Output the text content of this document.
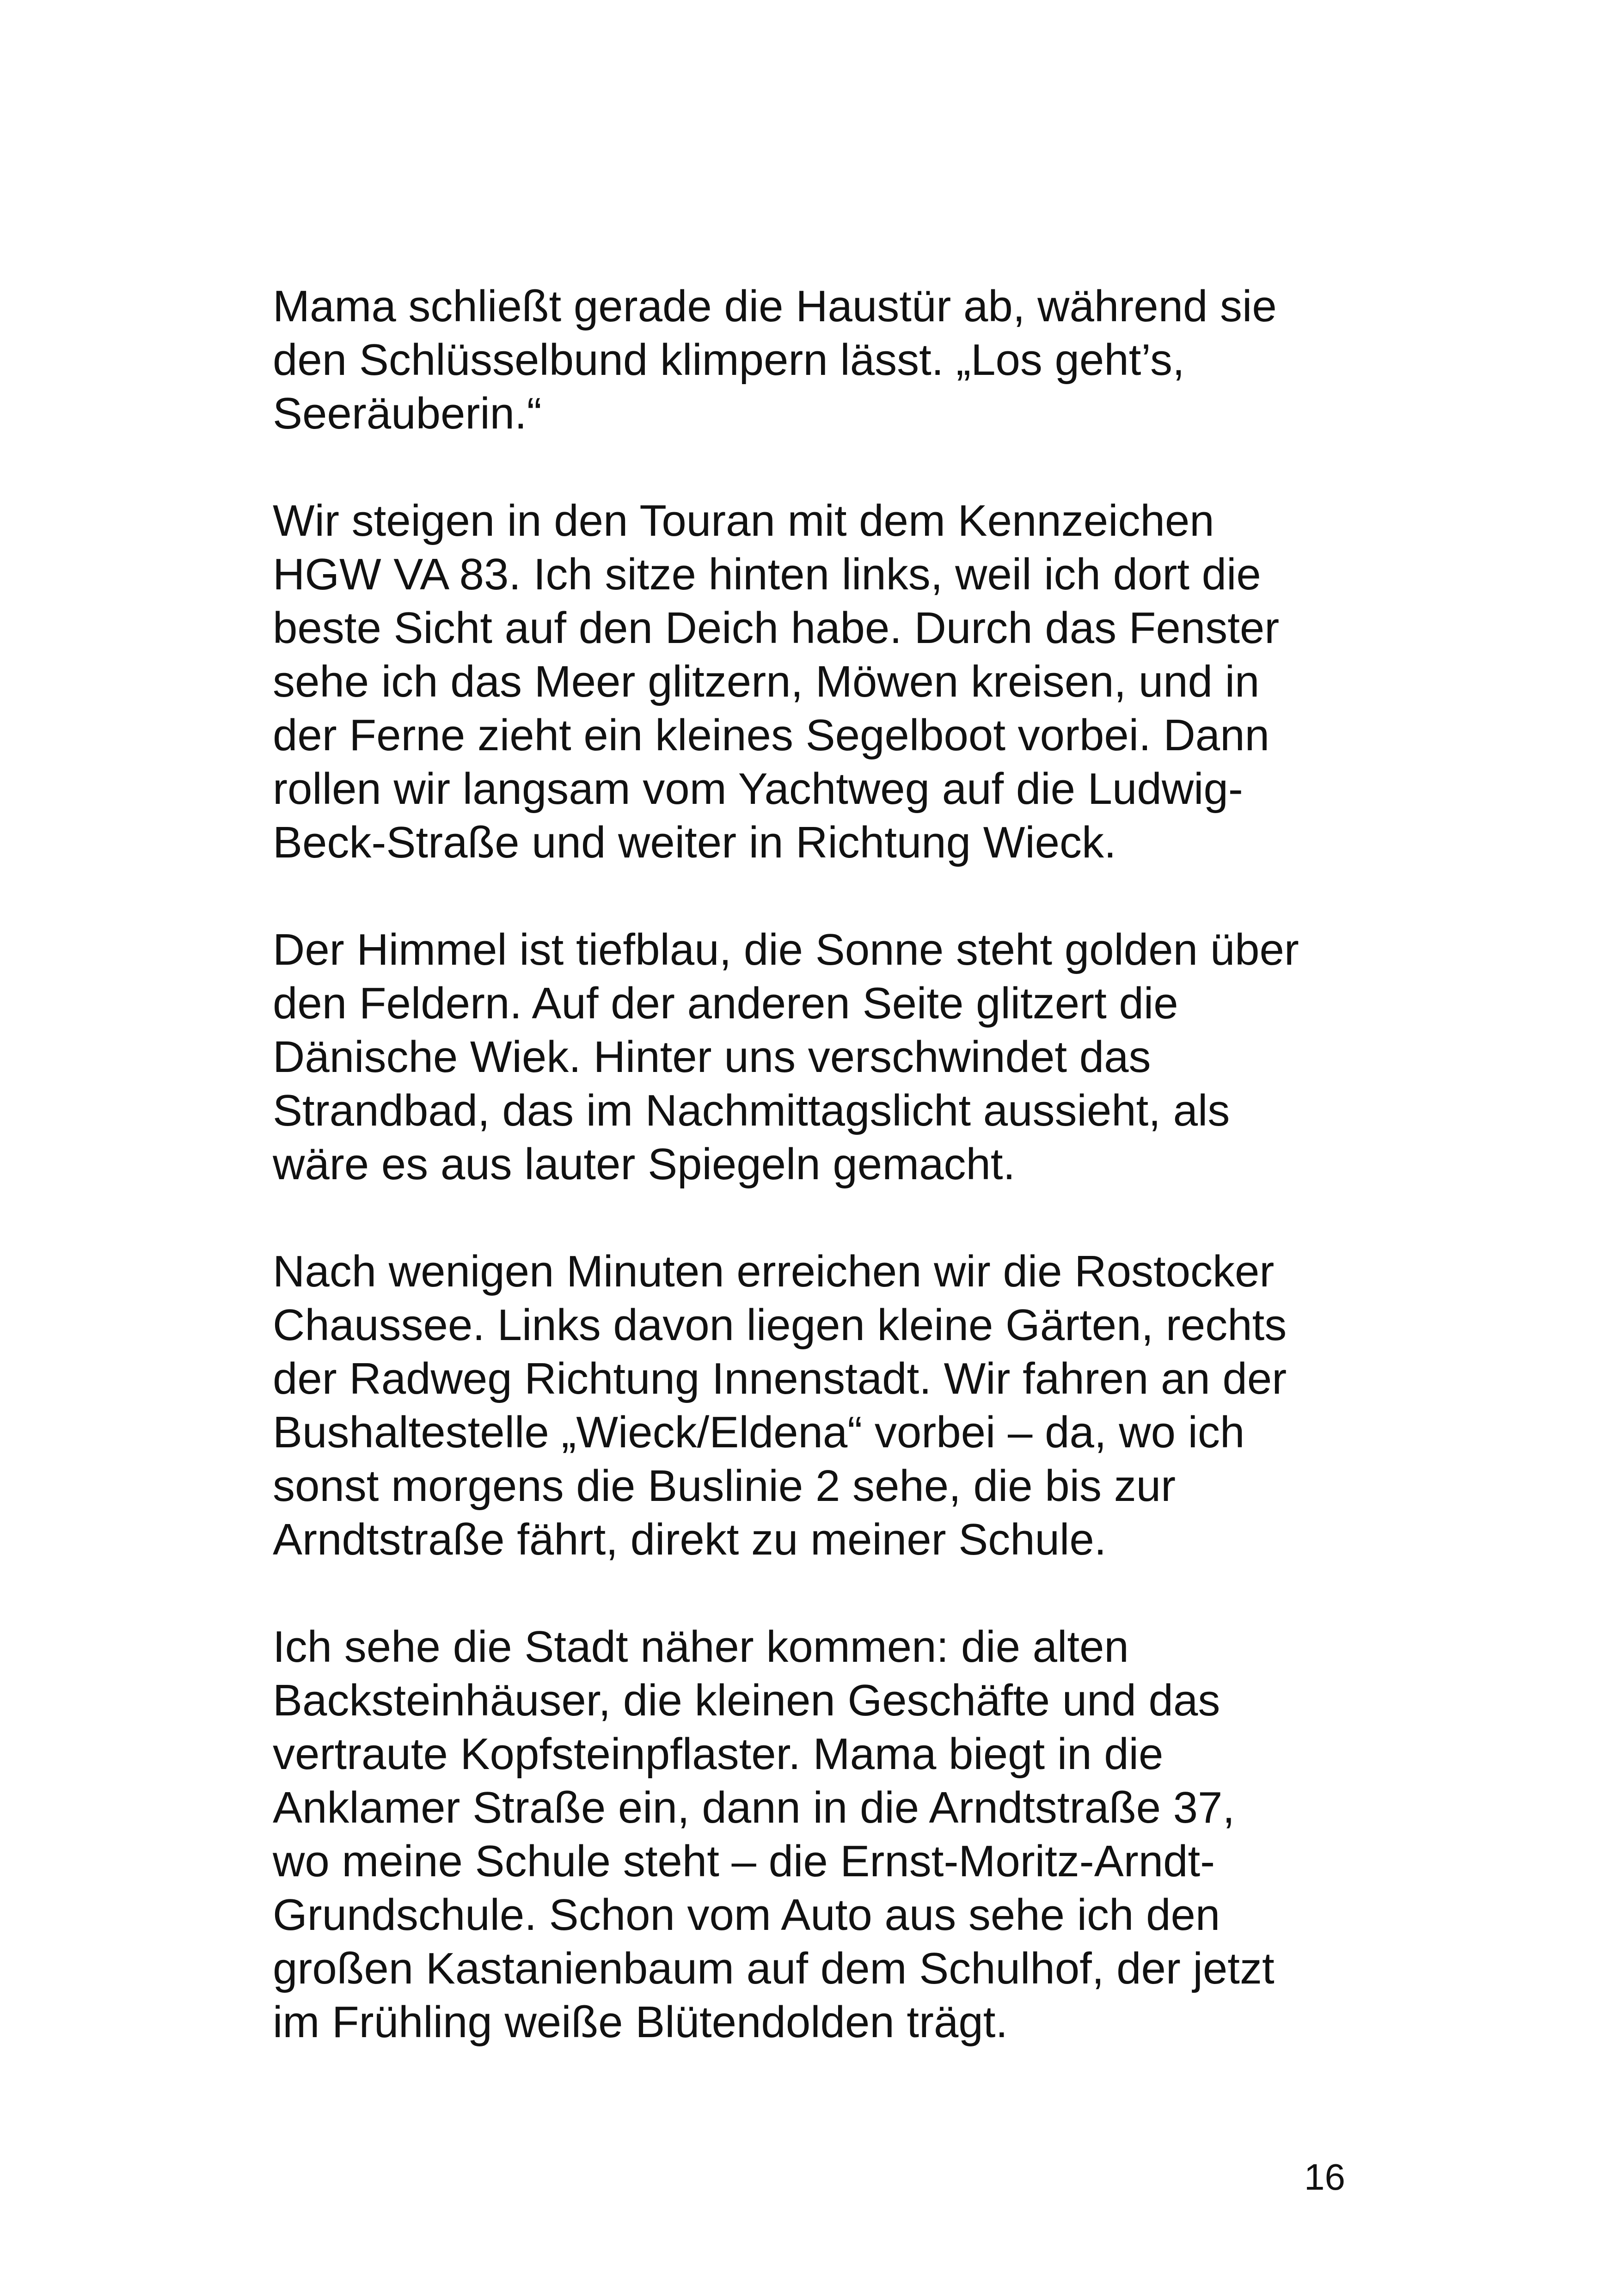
Mama schließt gerade die Haustür ab, während sie
den Schlüsselbund klimpern lässt. „Los geht’s,
Seeräuberin.“

Wir steigen in den Touran mit dem Kennzeichen
HGW VA 83. Ich sitze hinten links, weil ich dort die
beste Sicht auf den Deich habe. Durch das Fenster
sehe ich das Meer glitzern, Möwen kreisen, und in
der Ferne zieht ein kleines Segelboot vorbei. Dann
rollen wir langsam vom Yachtweg auf die Ludwig-
Beck-Straße und weiter in Richtung Wieck.

Der Himmel ist tiefblau, die Sonne steht golden über
den Feldern. Auf der anderen Seite glitzert die
Dänische Wiek. Hinter uns verschwindet das
Strandbad, das im Nachmittagslicht aussieht, als
wäre es aus lauter Spiegeln gemacht.

Nach wenigen Minuten erreichen wir die Rostocker
Chaussee. Links davon liegen kleine Gärten, rechts
der Radweg Richtung Innenstadt. Wir fahren an der
Bushaltestelle „Wieck/Eldena“ vorbei – da, wo ich
sonst morgens die Buslinie 2 sehe, die bis zur
Arndtstraße fährt, direkt zu meiner Schule.

Ich sehe die Stadt näher kommen: die alten
Backsteinhäuser, die kleinen Geschäfte und das
vertraute Kopfsteinpflaster. Mama biegt in die
Anklamer Straße ein, dann in die Arndtstraße 37,
wo meine Schule steht – die Ernst-Moritz-Arndt-
Grundschule. Schon vom Auto aus sehe ich den
großen Kastanienbaum auf dem Schulhof, der jetzt
im Frühling weiße Blütendolden trägt.

16
